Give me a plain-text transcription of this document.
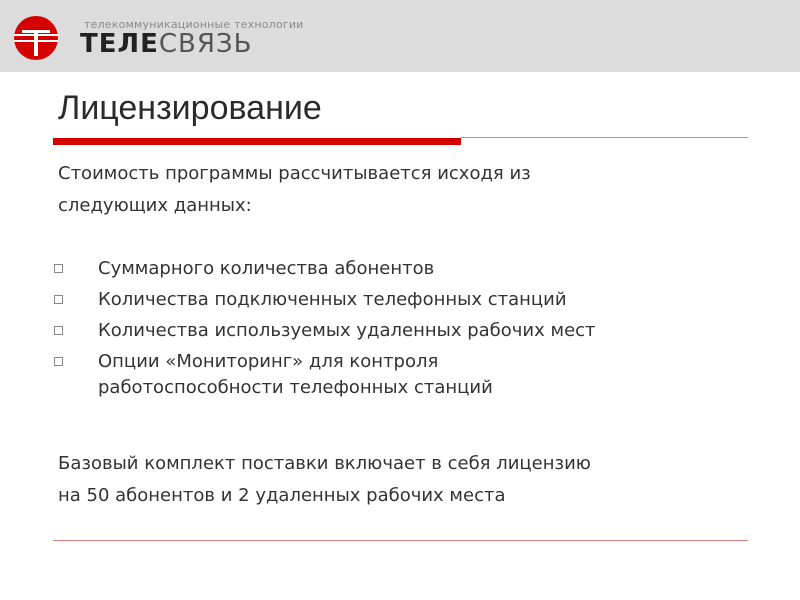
телекоммуникационные технологии
ТЕЛЕСВЯЗЬ
Лицензирование

Стоимость программы рассчитывается исходя из

следующих данных:

Суммарного количества абонентов
Количества подключенных телефонных станций
Количества используемых удаленных рабочих мест
Опции «Мониторинг» для контроля
работоспособности телефонных станций

Базовый комплект поставки включает в себя лицензию

на 50 абонентов и 2 удаленных рабочих места
